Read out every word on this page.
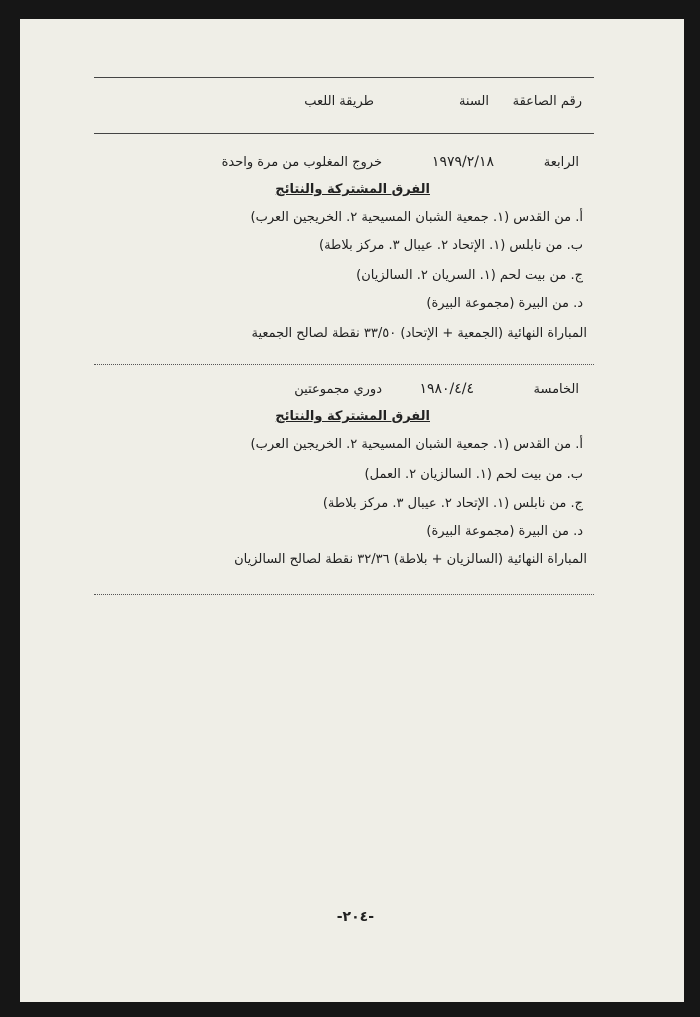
رقم الصاعقة
السنة
طريقة اللعب
الرابعة
١٩٧٩/٢/١٨
خروج المغلوب من مرة واحدة
الفرق المشتركة والنتائج
أ. من القدس (١. جمعية الشبان المسيحية ٢. الخريجين العرب)
ب. من نابلس (١. الإتحاد ٢. عيبال ٣. مركز بلاطة)
ج. من بيت لحم (١. السريان ٢. السالزيان)
د. من البيرة (مجموعة البيرة)
المباراة النهائية (الجمعية + الإتحاد) ٣٣/٥٠ نقطة لصالح الجمعية
الخامسة
١٩٨٠/٤/٤
دوري مجموعتين
الفرق المشتركة والنتائج
أ. من القدس (١. جمعية الشبان المسيحية ٢. الخريجين العرب)
ب. من بيت لحم (١. السالزيان ٢. العمل)
ج. من نابلس (١. الإتحاد ٢. عيبال ٣. مركز بلاطة)
د. من البيرة (مجموعة البيرة)
المباراة النهائية (السالزيان + بلاطة) ٣٢/٣٦ نقطة لصالح السالزيان
-٢٠٤-
